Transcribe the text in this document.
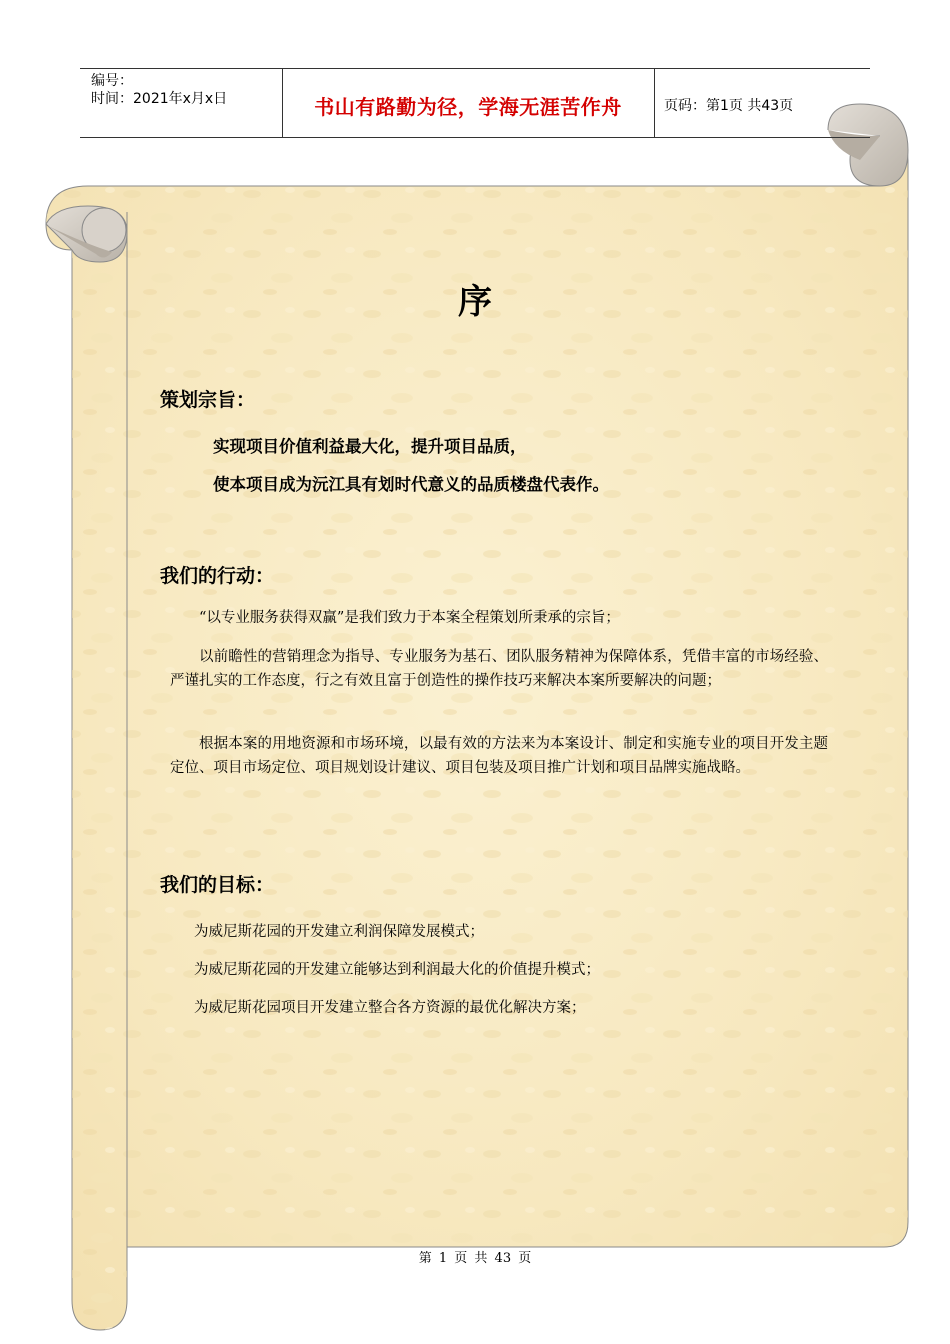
编号：
时间：2021年x月x日	书山有路勤为径，学海无涯苦作舟	页码：第1页 共43页
序
策划宗旨：
实现项目价值利益最大化，提升项目品质，
使本项目成为沅江具有划时代意义的品质楼盘代表作。
我们的行动：
“以专业服务获得双赢”是我们致力于本案全程策划所秉承的宗旨；
以前瞻性的营销理念为指导、专业服务为基石、团队服务精神为保障体系，凭借丰富的市场经验、严谨扎实的工作态度，行之有效且富于创造性的操作技巧来解决本案所要解决的问题；
根据本案的用地资源和市场环境，以最有效的方法来为本案设计、制定和实施专业的项目开发主题定位、项目市场定位、项目规划设计建议、项目包装及项目推广计划和项目品牌实施战略。
我们的目标：
为威尼斯花园的开发建立利润保障发展模式；
为威尼斯花园的开发建立能够达到利润最大化的价值提升模式；
为威尼斯花园项目开发建立整合各方资源的最优化解决方案；
第 1 页 共 43 页
